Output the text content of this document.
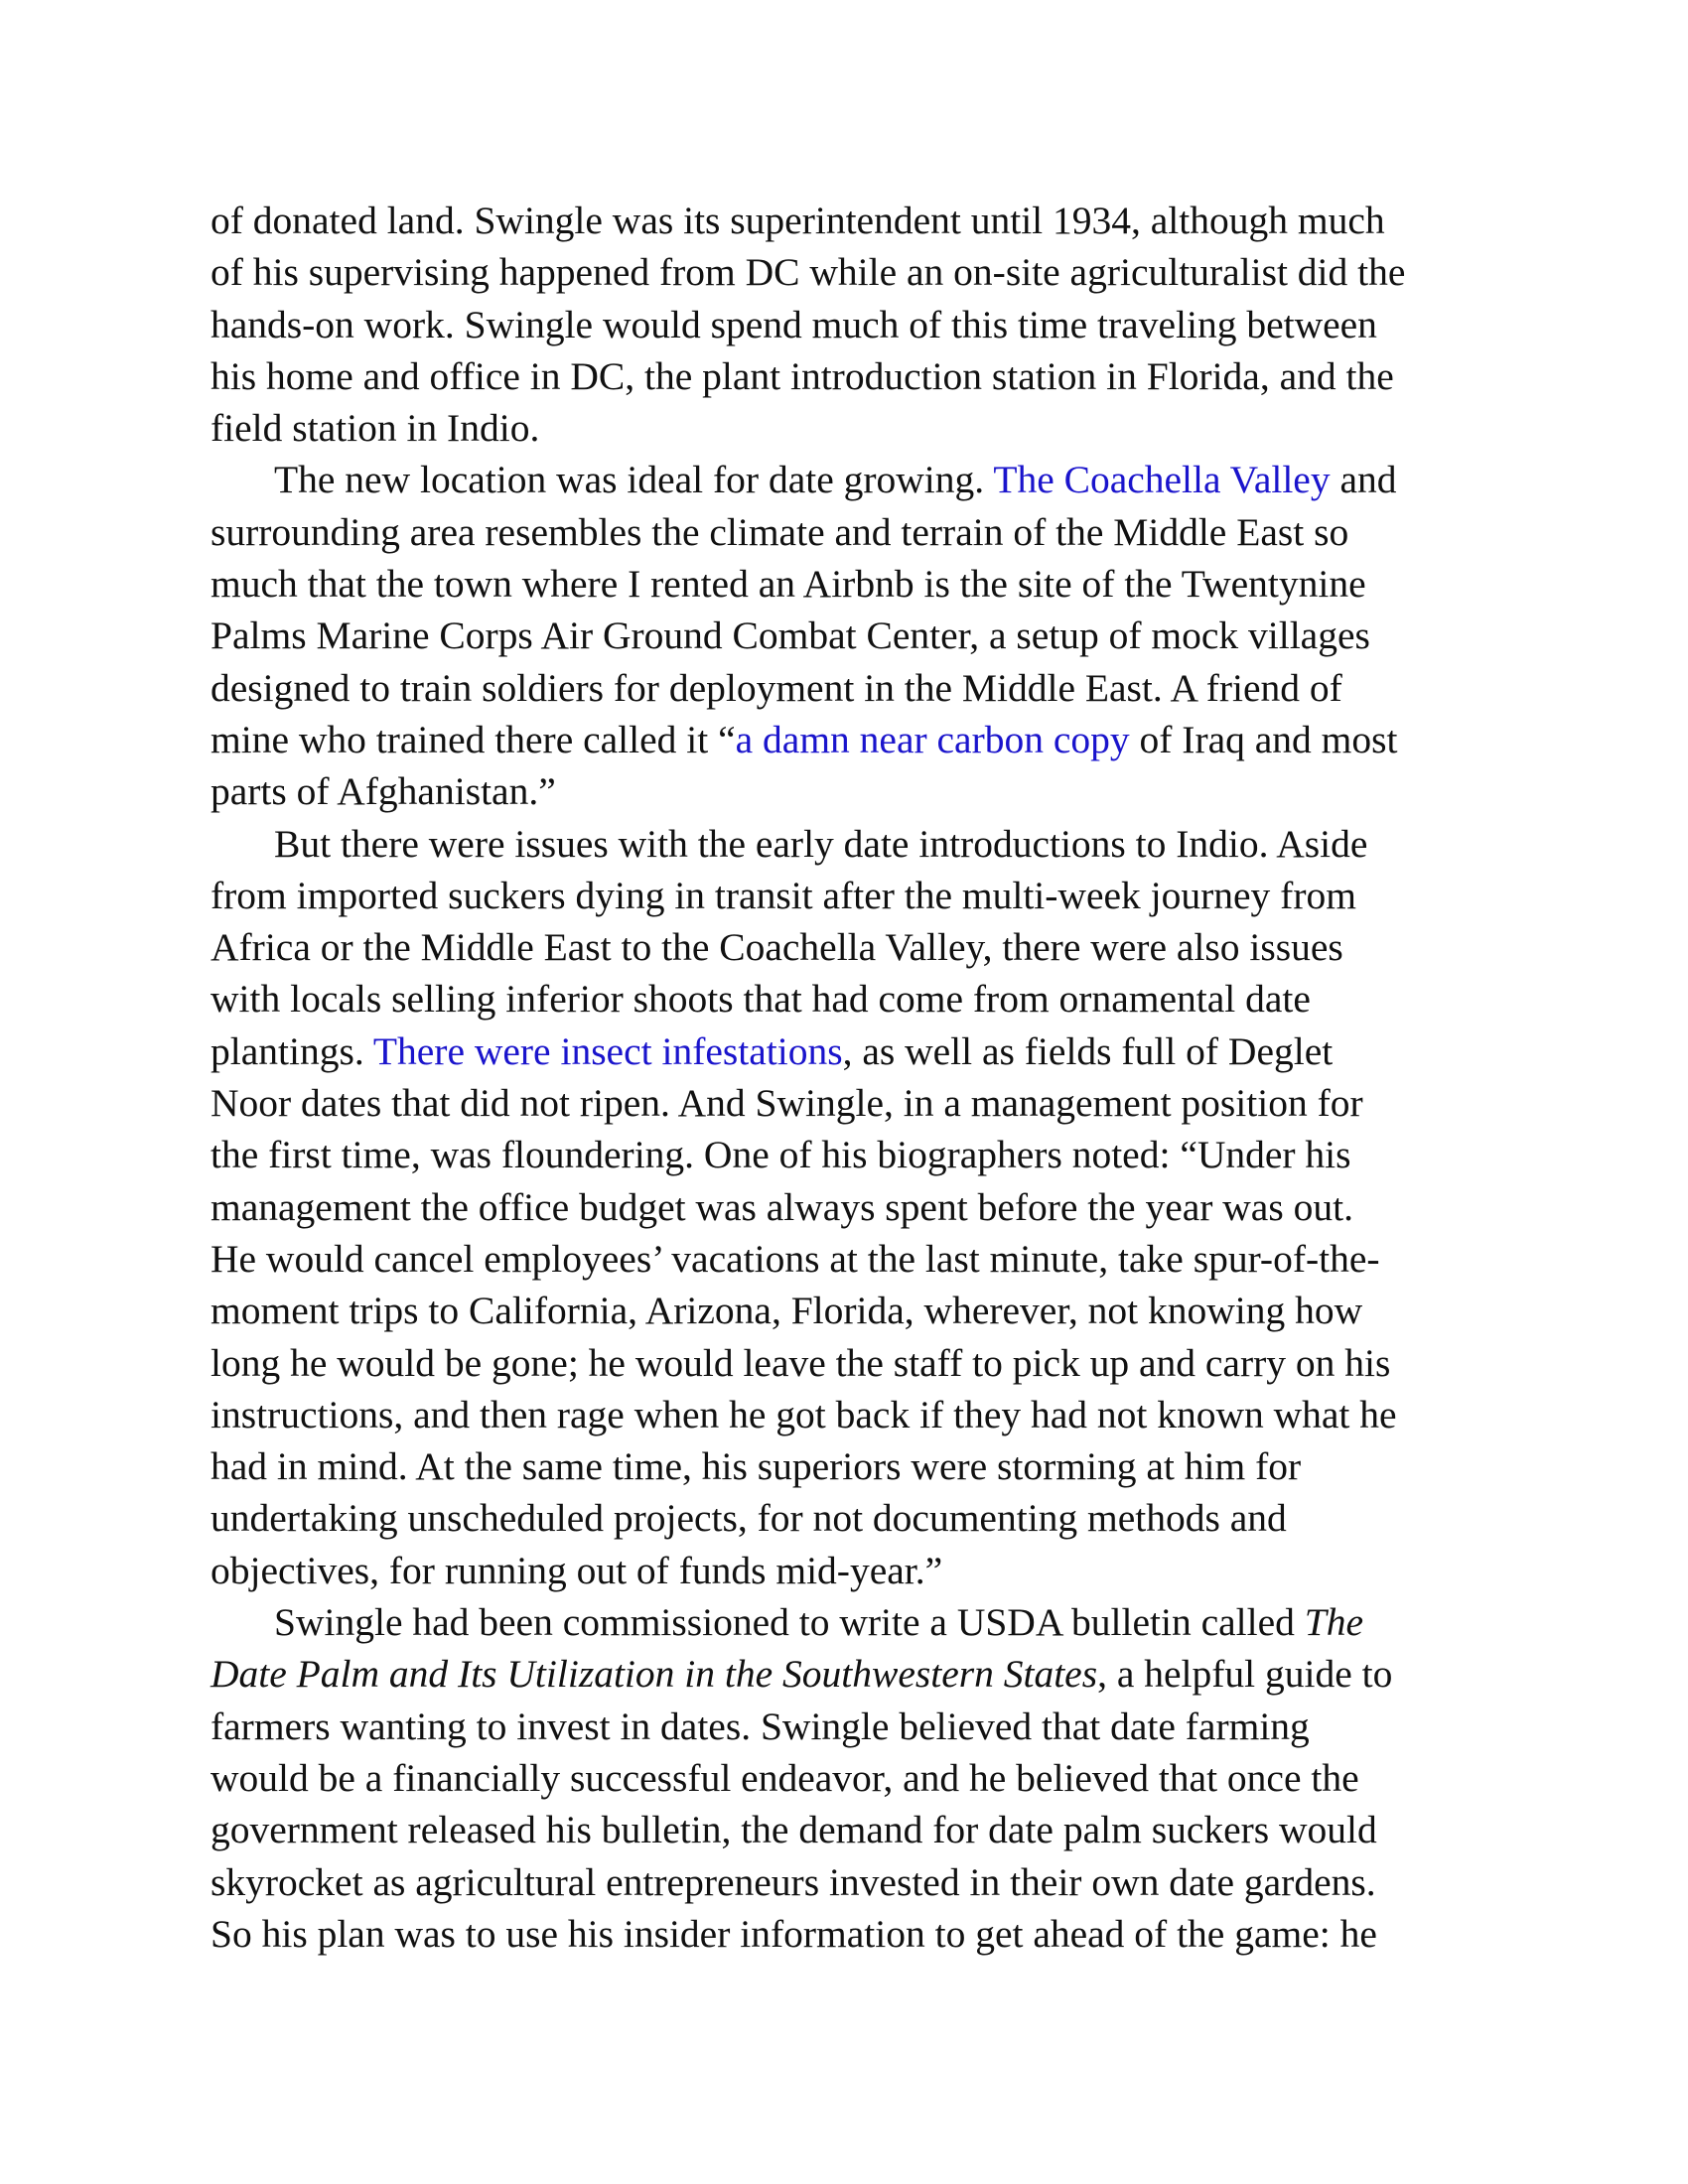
of donated land. Swingle was its superintendent until 1934, although much
of his supervising happened from DC while an on-site agriculturalist did the
hands-on work. Swingle would spend much of this time traveling between
his home and office in DC, the plant introduction station in Florida, and the
field station in Indio.
The new location was ideal for date growing. The Coachella Valley and
surrounding area resembles the climate and terrain of the Middle East so
much that the town where I rented an Airbnb is the site of the Twentynine
Palms Marine Corps Air Ground Combat Center, a setup of mock villages
designed to train soldiers for deployment in the Middle East. A friend of
mine who trained there called it “a damn near carbon copy of Iraq and most
parts of Afghanistan.”
But there were issues with the early date introductions to Indio. Aside
from imported suckers dying in transit after the multi-week journey from
Africa or the Middle East to the Coachella Valley, there were also issues
with locals selling inferior shoots that had come from ornamental date
plantings. There were insect infestations, as well as fields full of Deglet
Noor dates that did not ripen. And Swingle, in a management position for
the first time, was floundering. One of his biographers noted: “Under his
management the office budget was always spent before the year was out.
He would cancel employees’ vacations at the last minute, take spur-of-the-
moment trips to California, Arizona, Florida, wherever, not knowing how
long he would be gone; he would leave the staff to pick up and carry on his
instructions, and then rage when he got back if they had not known what he
had in mind. At the same time, his superiors were storming at him for
undertaking unscheduled projects, for not documenting methods and
objectives, for running out of funds mid-year.”
Swingle had been commissioned to write a USDA bulletin called The
Date Palm and Its Utilization in the Southwestern States, a helpful guide to
farmers wanting to invest in dates. Swingle believed that date farming
would be a financially successful endeavor, and he believed that once the
government released his bulletin, the demand for date palm suckers would
skyrocket as agricultural entrepreneurs invested in their own date gardens.
So his plan was to use his insider information to get ahead of the game: he
